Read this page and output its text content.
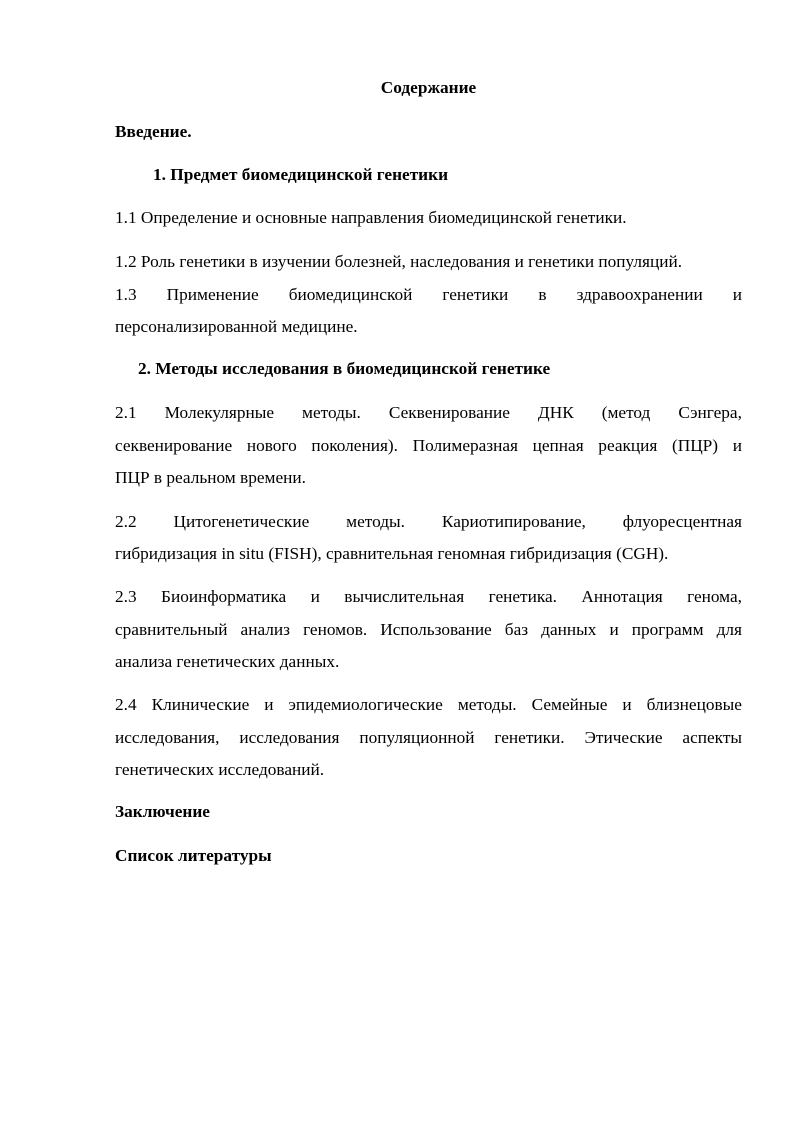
Содержание
Введение.
1. Предмет биомедицинской генетики
1.1 Определение и основные направления биомедицинской генетики.
1.2 Роль генетики в изучении болезней, наследования и генетики популяций.
1.3 Применение биомедицинской генетики в здравоохранении и
персонализированной медицине.
2. Методы исследования в биомедицинской генетике
2.1 Молекулярные методы. Секвенирование ДНК (метод Сэнгера,
секвенирование нового поколения). Полимеразная цепная реакция (ПЦР) и
ПЦР в реальном времени.
2.2 Цитогенетические методы. Кариотипирование, флуоресцентная
гибридизация in situ (FISH), сравнительная геномная гибридизация (CGH).
2.3 Биоинформатика и вычислительная генетика. Аннотация генома,
сравнительный анализ геномов. Использование баз данных и программ для
анализа генетических данных.
2.4 Клинические и эпидемиологические методы. Семейные и близнецовые
исследования, исследования популяционной генетики. Этические аспекты
генетических исследований.
Заключение
Список литературы
